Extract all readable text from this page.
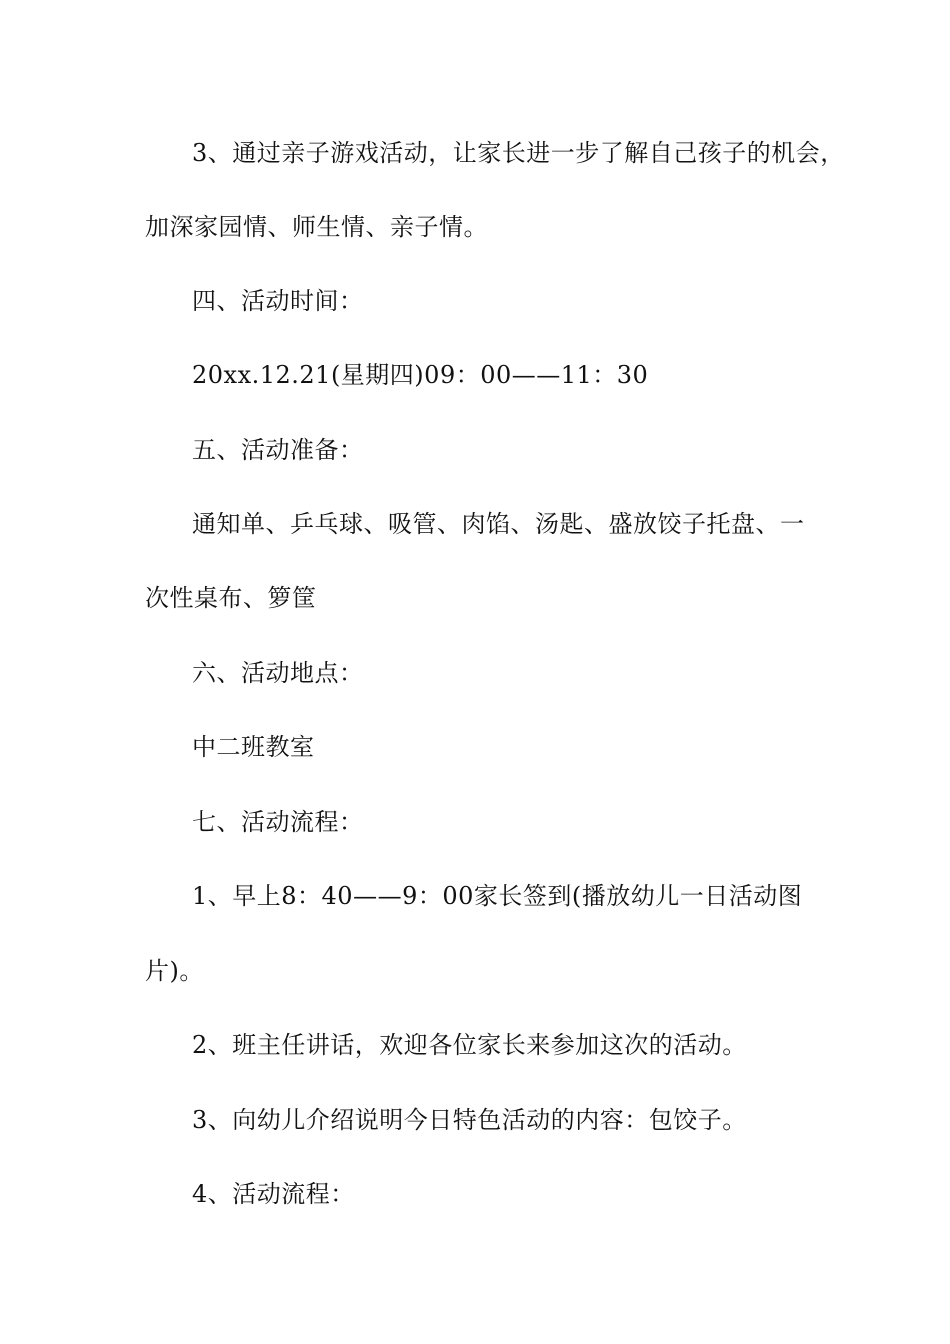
3、通过亲子游戏活动，让家长进一步了解自己孩子的机会，
加深家园情、师生情、亲子情。
四、活动时间：
20xx.12.21(星期四)09：00——11：30
五、活动准备：
通知单、乒乓球、吸管、肉馅、汤匙、盛放饺子托盘、一
次性桌布、箩筐
六、活动地点：
中二班教室
七、活动流程：
1、早上8：40——9：00家长签到(播放幼儿一日活动图
片)。
2、班主任讲话，欢迎各位家长来参加这次的活动。
3、向幼儿介绍说明今日特色活动的内容：包饺子。
4、活动流程：
